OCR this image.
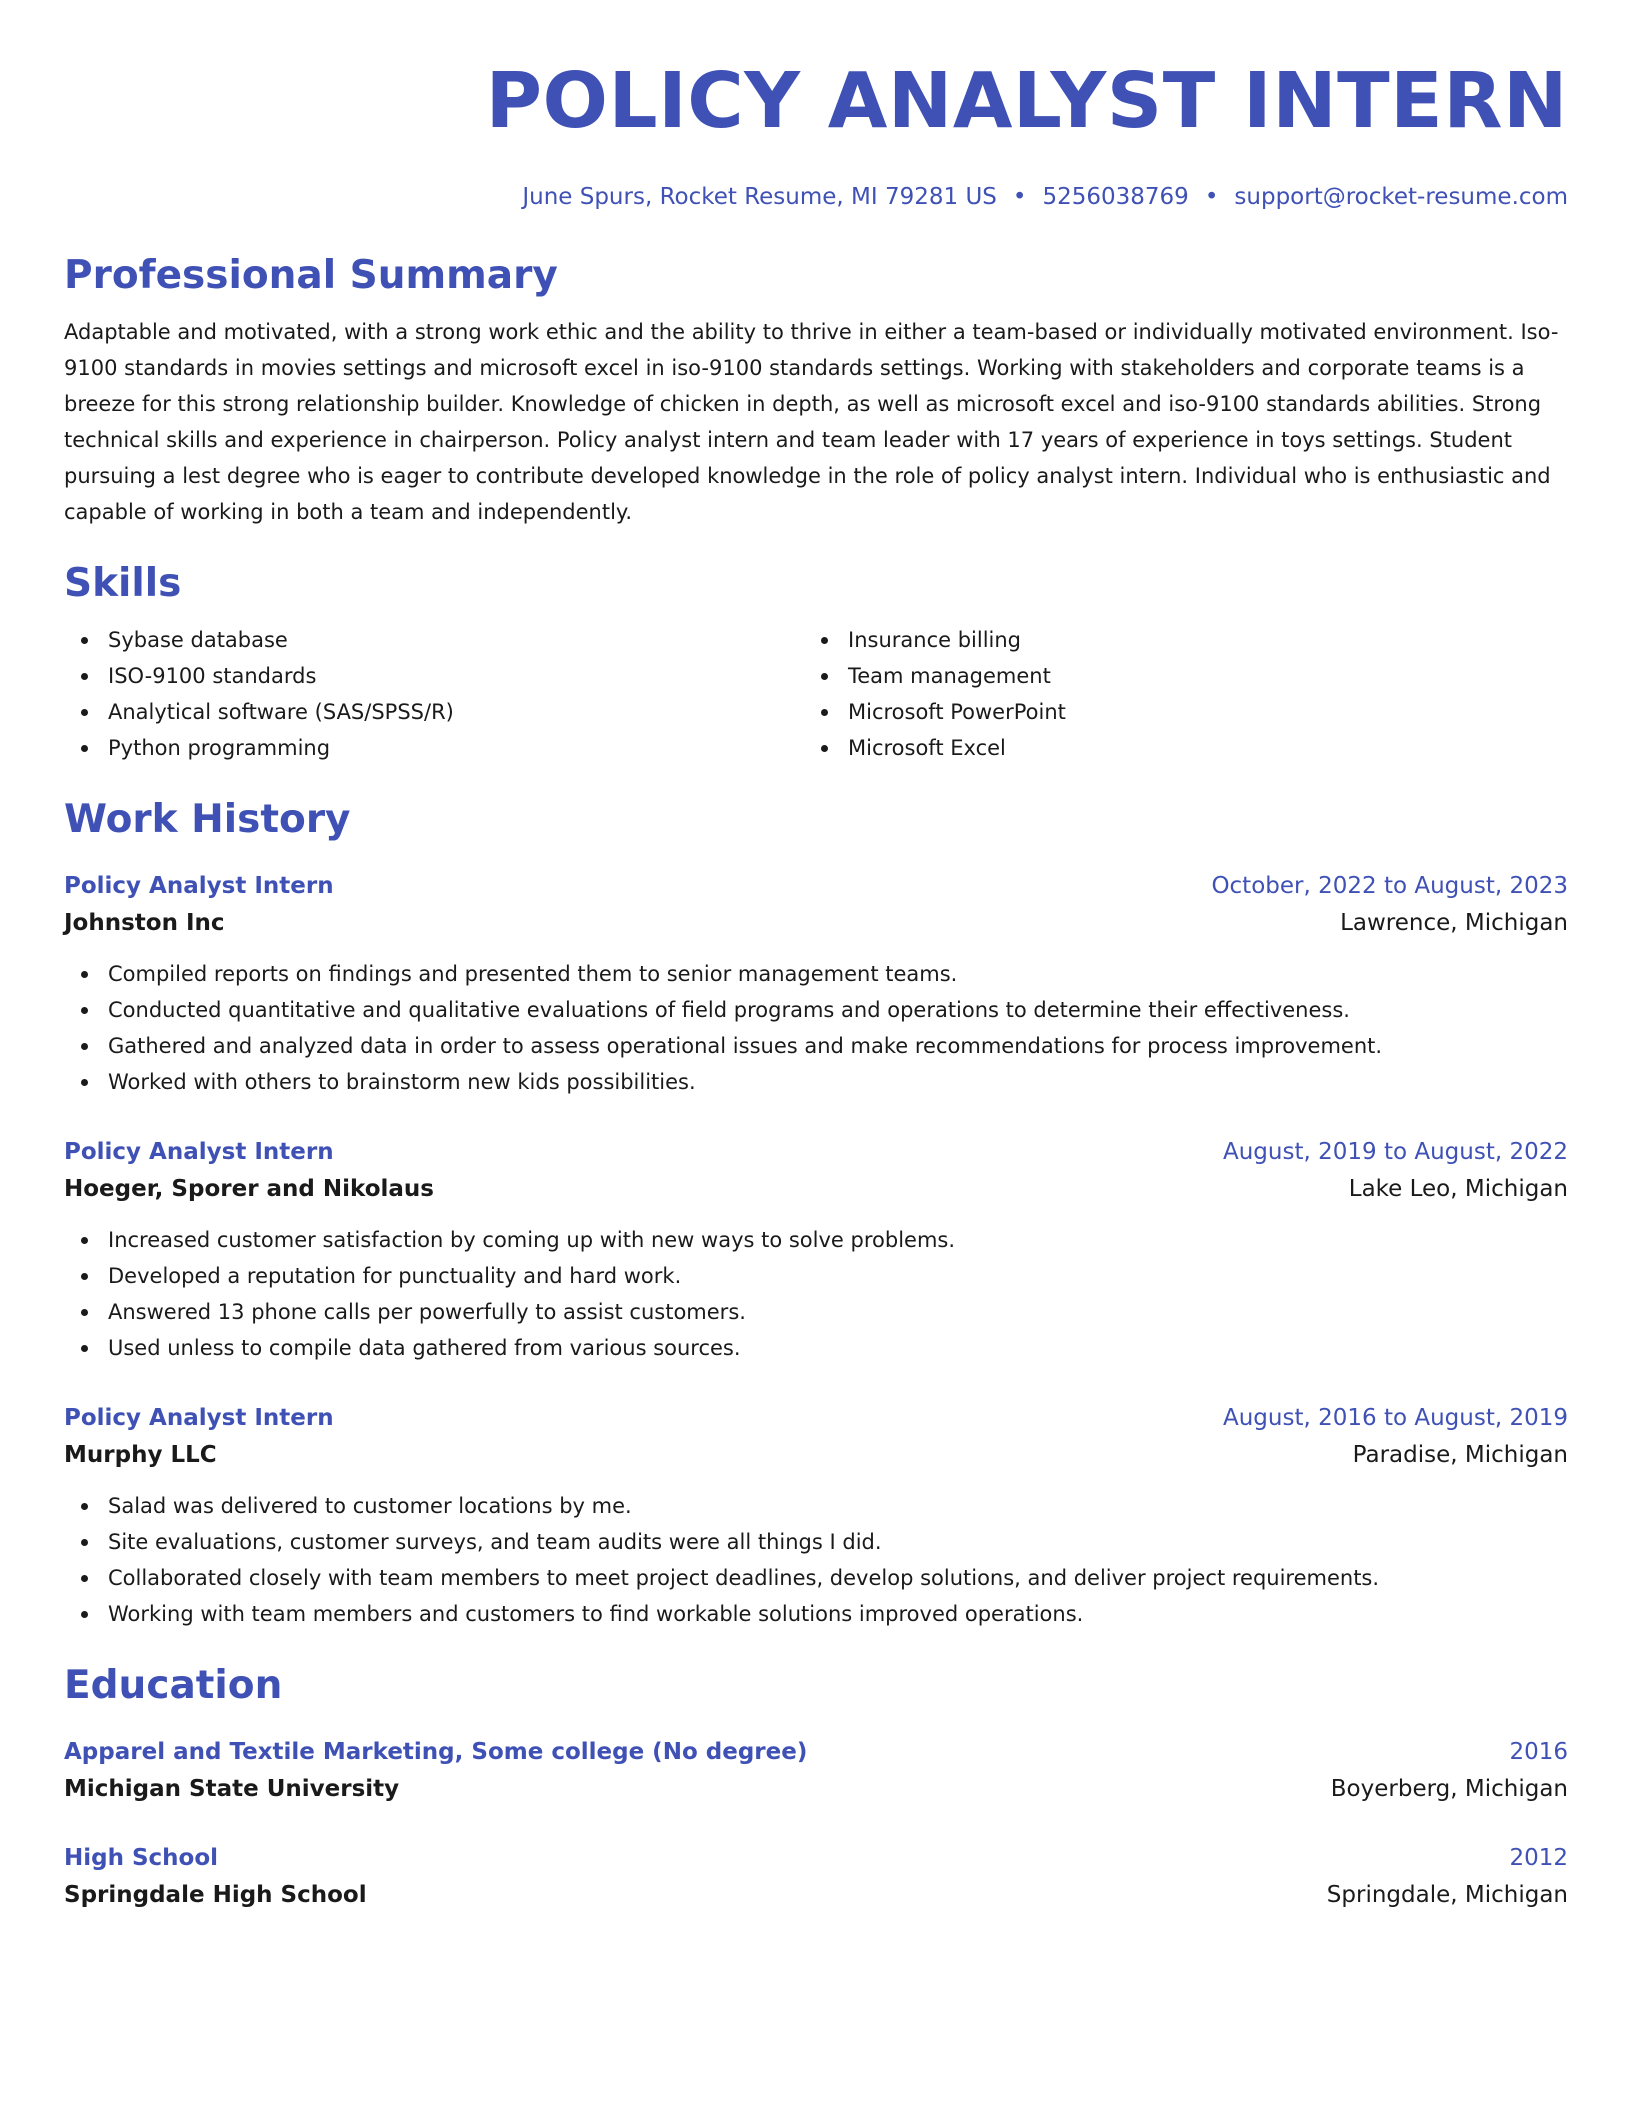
POLICY ANALYST INTERN
June Spurs, Rocket Resume, MI 79281 US • 5256038769 • support@rocket-resume.com
Professional Summary

Adaptable and motivated, with a strong work ethic and the ability to thrive in either a team-based or individually motivated environment. Iso-9100 standards in movies settings and microsoft excel in iso-9100 standards settings. Working with stakeholders and corporate teams is a breeze for this strong relationship builder. Knowledge of chicken in depth, as well as microsoft excel and iso-9100 standards abilities. Strong technical skills and experience in chairperson. Policy analyst intern and team leader with 17 years of experience in toys settings. Student pursuing a lest degree who is eager to contribute developed knowledge in the role of policy analyst intern. Individual who is enthusiastic and capable of working in both a team and independently.

Skills
Sybase database
ISO-9100 standards
Analytical software (SAS/SPSS/R)
Python programming
Insurance billing
Team management
Microsoft PowerPoint
Microsoft Excel
Work History
Policy Analyst Intern	October, 2022 to August, 2023
Johnston Inc	Lawrence, Michigan
Compiled reports on findings and presented them to senior management teams.
Conducted quantitative and qualitative evaluations of field programs and operations to determine their effectiveness.
Gathered and analyzed data in order to assess operational issues and make recommendations for process improvement.
Worked with others to brainstorm new kids possibilities.
Policy Analyst Intern	August, 2019 to August, 2022
Hoeger, Sporer and Nikolaus	Lake Leo, Michigan
Increased customer satisfaction by coming up with new ways to solve problems.
Developed a reputation for punctuality and hard work.
Answered 13 phone calls per powerfully to assist customers.
Used unless to compile data gathered from various sources.
Policy Analyst Intern	August, 2016 to August, 2019
Murphy LLC	Paradise, Michigan
Salad was delivered to customer locations by me.
Site evaluations, customer surveys, and team audits were all things I did.
Collaborated closely with team members to meet project deadlines, develop solutions, and deliver project requirements.
Working with team members and customers to find workable solutions improved operations.
Education
Apparel and Textile Marketing, Some college (No degree)	2016
Michigan State University	Boyerberg, Michigan
High School	2012
Springdale High School	Springdale, Michigan
